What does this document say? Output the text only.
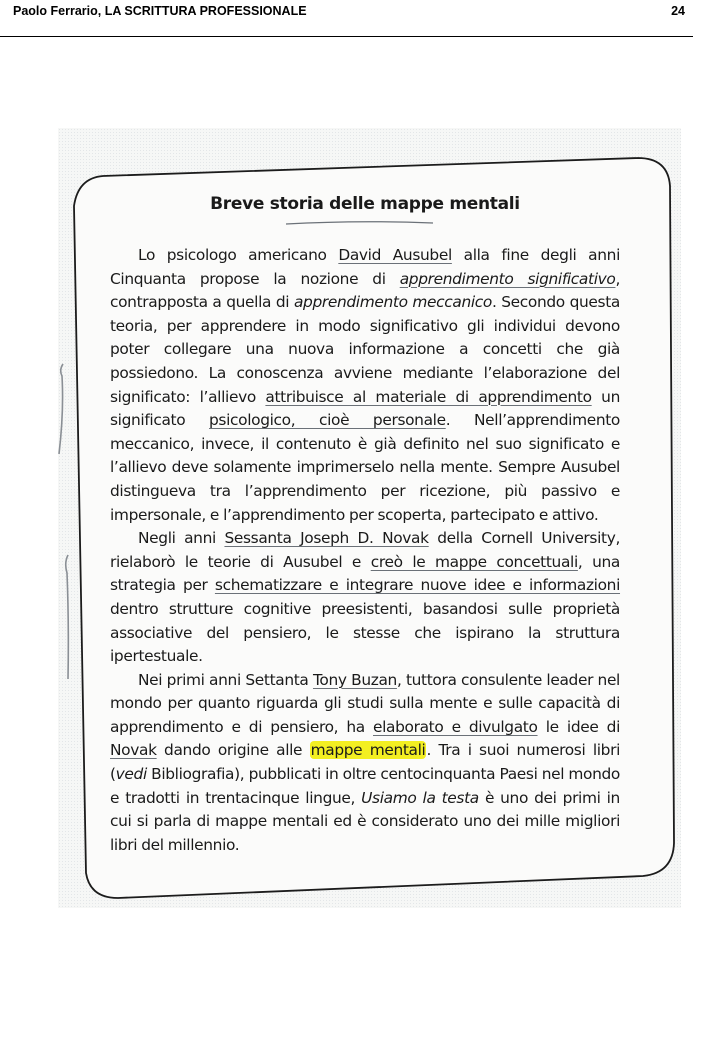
Paolo Ferrario, LA SCRITTURA PROFESSIONALE	24
Breve storia delle mappe mentali

Lo psicologo americano David Ausubel alla fine degli anni Cinquanta propose la nozione di apprendimento significativo, contrapposta a quella di apprendimento meccanico. Secondo questa teoria, per apprendere in modo significativo gli individui devono poter collegare una nuova informazione a concetti che già possiedono. La conoscenza avviene mediante l’elaborazione del significato: l’allievo attribuisce al materiale di apprendimento un significato psicologico, cioè personale. Nell’apprendimento meccanico, invece, il contenuto è già definito nel suo significato e l’allievo deve solamente imprimerselo nella mente. Sempre Ausubel distingueva tra l’apprendimento per ricezione, più passivo e impersonale, e l’apprendimento per scoperta, partecipato e attivo.

Negli anni Sessanta Joseph D. Novak della Cornell University, rielaborò le teorie di Ausubel e creò le mappe concettuali, una strategia per schematizzare e integrare nuove idee e informazioni dentro strutture cognitive preesistenti, basandosi sulle proprietà associative del pensiero, le stesse che ispirano la struttura ipertestuale.

Nei primi anni Settanta Tony Buzan, tuttora consulente leader nel mondo per quanto riguarda gli studi sulla mente e sulle capacità di apprendimento e di pensiero, ha elaborato e divulgato le idee di Novak dando origine alle mappe mentali. Tra i suoi numerosi libri (vedi Bibliografia), pubblicati in oltre centocinquanta Paesi nel mondo e tradotti in trentacinque lingue, Usiamo la testa è uno dei primi in cui si parla di mappe mentali ed è considerato uno dei mille migliori libri del millennio.
